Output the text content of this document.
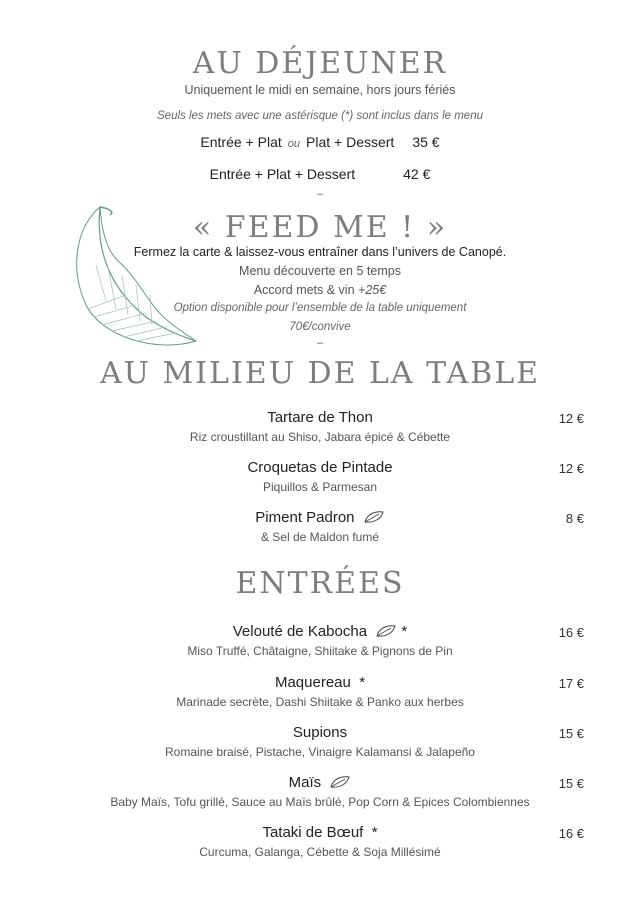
AU DÉJEUNER
Uniquement le midi en semaine, hors jours fériés
Seuls les mets avec une astérisque (*) sont inclus dans le menu
Entrée + Plat ou Plat + Dessert 35 €
Entrée + Plat + Dessert	42 €
–
« FEED ME ! »
Fermez la carte & laissez-vous entraîner dans l’univers de Canopé.
Menu découverte en 5 temps
Accord mets & vin +25€
Option disponible pour l’ensemble de la table uniquement
70€/convive
–
AU MILIEU DE LA TABLE
Tartare de Thon
Riz croustillant au Shiso, Jabara épicé & Cébette
12 €
Croquetas de Pintade
Piquillos & Parmesan
12 €
Piment Padron
& Sel de Maldon fumé
8 €
ENTRÉES
Velouté de Kabocha *
Miso Truffé, Châtaigne, Shiitake & Pignons de Pin
16 €
Maquereau *
Marinade secrète, Dashi Shiitake & Panko aux herbes
17 €
Supions
Romaine braisé, Pistache, Vinaigre Kalamansi & Jalapeño
15 €
Maïs
Baby Maïs, Tofu grillé, Sauce au Maïs brûlé, Pop Corn & Epices Colombiennes
15 €
Tataki de Bœuf *
Curcuma, Galanga, Cébette & Soja Millésimé
16 €
